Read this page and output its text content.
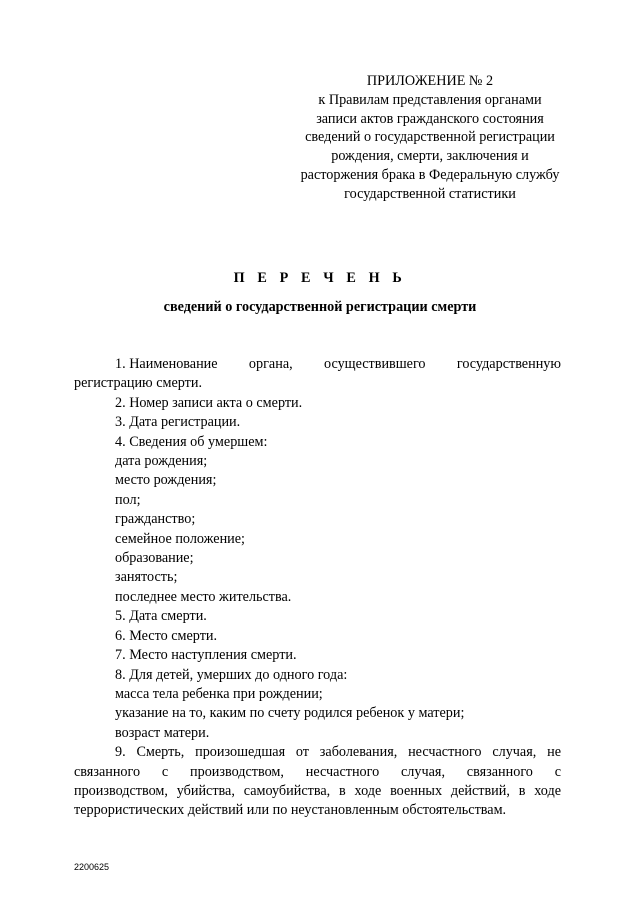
ПРИЛОЖЕНИЕ № 2
к Правилам представления органами
записи актов гражданского состояния
сведений о государственной регистрации
рождения, смерти, заключения и
расторжения брака в Федеральную службу
государственной статистики
П Е Р Е Ч Е Н Ь
сведений о государственной регистрации смерти
1. Наименование органа, осуществившего государственную
регистрацию смерти.
2. Номер записи акта о смерти.
3. Дата регистрации.
4. Сведения об умершем:
дата рождения;
место рождения;
пол;
гражданство;
семейное положение;
образование;
занятость;
последнее место жительства.
5. Дата смерти.
6. Место смерти.
7. Место наступления смерти.
8. Для детей, умерших до одного года:
масса тела ребенка при рождении;
указание на то, каким по счету родился ребенок у матери;
возраст матери.
9. Смерть, произошедшая от заболевания, несчастного случая, не
связанного с производством, несчастного случая, связанного с
производством, убийства, самоубийства, в ходе военных действий, в ходе
террористических действий или по неустановленным обстоятельствам.
2200625
